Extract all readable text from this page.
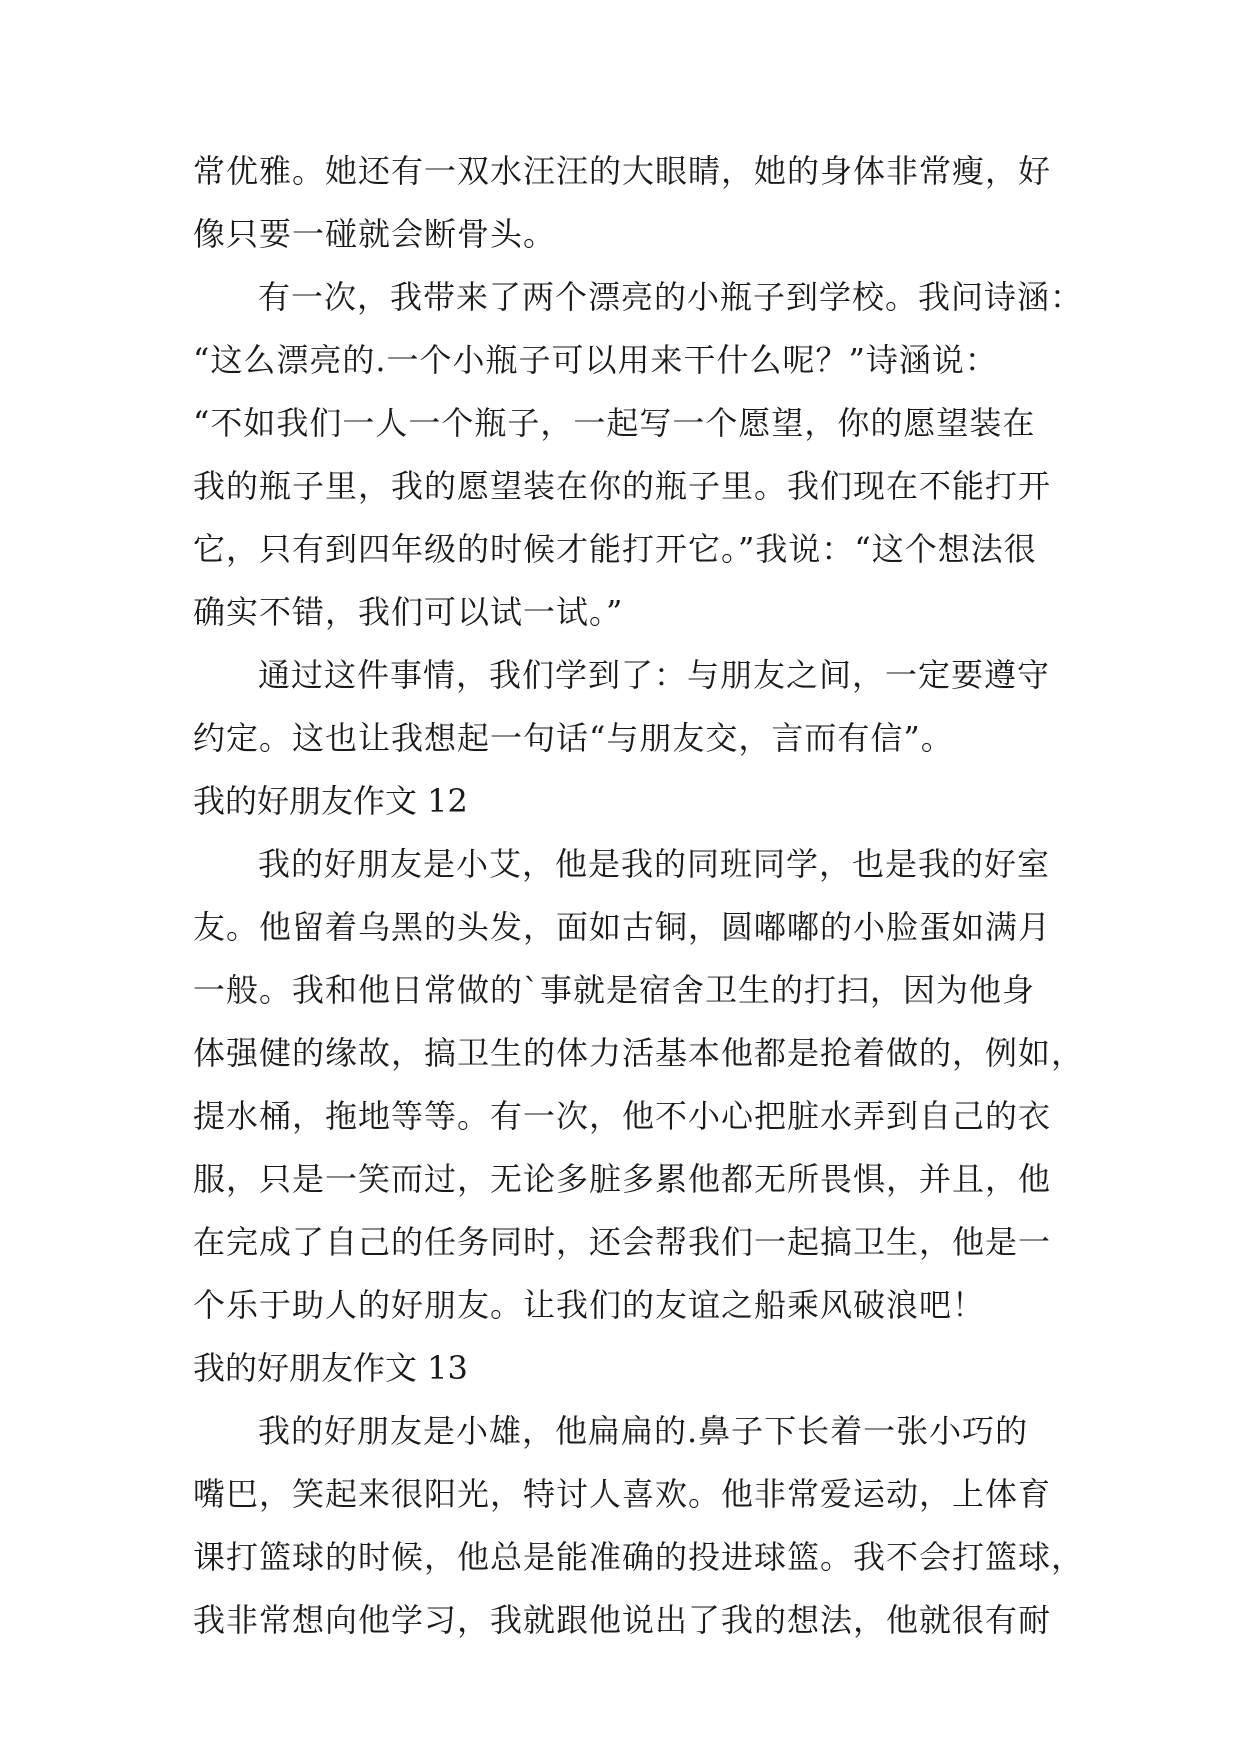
常优雅。她还有一双水汪汪的大眼睛，她的身体非常瘦，好
像只要一碰就会断骨头。
有一次，我带来了两个漂亮的小瓶子到学校。我问诗涵：
“这么漂亮的.一个小瓶子可以用来干什么呢？”诗涵说：
“不如我们一人一个瓶子，一起写一个愿望，你的愿望装在
我的瓶子里，我的愿望装在你的瓶子里。我们现在不能打开
它，只有到四年级的时候才能打开它。”我说：“这个想法很
确实不错，我们可以试一试。”
通过这件事情，我们学到了：与朋友之间，一定要遵守
约定。这也让我想起一句话“与朋友交，言而有信”。
我的好朋友作文 12
我的好朋友是小艾，他是我的同班同学，也是我的好室
友。他留着乌黑的头发，面如古铜，圆嘟嘟的小脸蛋如满月
一般。我和他日常做的`事就是宿舍卫生的打扫，因为他身
体强健的缘故，搞卫生的体力活基本他都是抢着做的，例如，
提水桶，拖地等等。有一次，他不小心把脏水弄到自己的衣
服，只是一笑而过，无论多脏多累他都无所畏惧，并且，他
在完成了自己的任务同时，还会帮我们一起搞卫生，他是一
个乐于助人的好朋友。让我们的友谊之船乘风破浪吧！
我的好朋友作文 13
我的好朋友是小雄，他扁扁的.鼻子下长着一张小巧的
嘴巴，笑起来很阳光，特讨人喜欢。他非常爱运动，上体育
课打篮球的时候，他总是能准确的投进球篮。我不会打篮球，
我非常想向他学习，我就跟他说出了我的想法，他就很有耐
